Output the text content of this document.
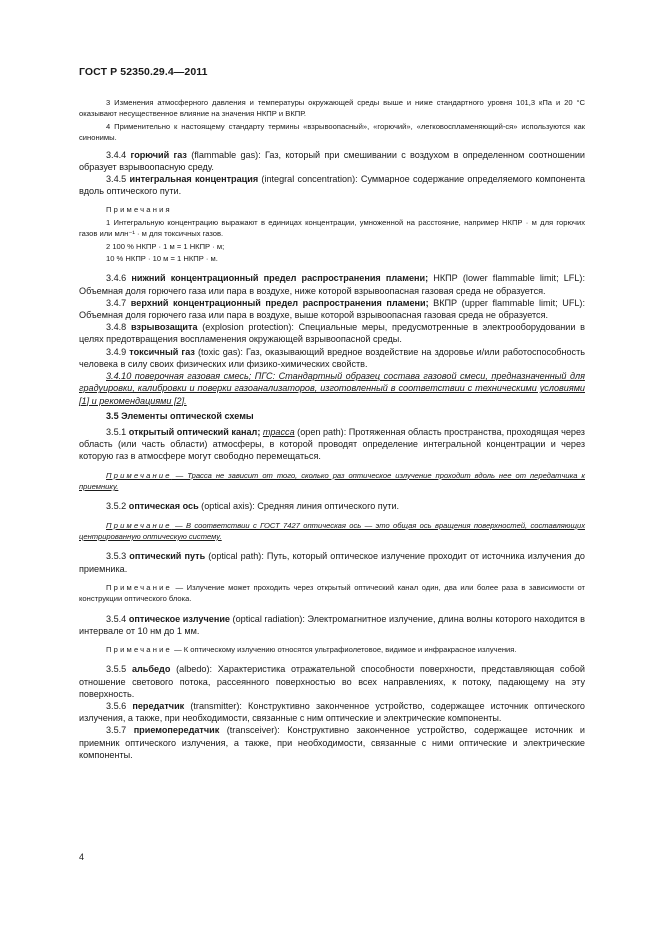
ГОСТ Р 52350.29.4—2011

3 Изменения атмосферного давления и температуры окружающей среды выше и ниже стандартного уровня 101,3 кПа и 20 °С оказывают несущественное влияние на значения НКПР и ВКПР.

4 Применительно к настоящему стандарту термины «взрывоопасный», «горючий», «легковоспламеняющий-ся» используются как синонимы.

3.4.4 горючий газ (flammable gas): Газ, который при смешивании с воздухом в определенном соотношении образует взрывоопасную среду.

3.4.5 интегральная концентрация (integral concentration): Суммарное содержание определяемого компонента вдоль оптического пути.

Примечания

1 Интегральную концентрацию выражают в единицах концентрации, умноженной на расстояние, например НКПР · м для горючих газов или млн⁻¹ · м для токсичных газов.

2 100 % НКПР · 1 м = 1 НКПР · м;

10 % НКПР · 10 м = 1 НКПР · м.

3.4.6 нижний концентрационный предел распространения пламени; НКПР (lower flammable limit; LFL): Объемная доля горючего газа или пара в воздухе, ниже которой взрывоопасная газовая среда не образуется.

3.4.7 верхний концентрационный предел распространения пламени; ВКПР (upper flammable limit; UFL): Объемная доля горючего газа или пара в воздухе, выше которой взрывоопасная газовая среда не образуется.

3.4.8 взрывозащита (explosion protection): Специальные меры, предусмотренные в электрооборудовании в целях предотвращения воспламенения окружающей взрывоопасной среды.

3.4.9 токсичный газ (toxic gas): Газ, оказывающий вредное воздействие на здоровье и/или работоспособность человека в силу своих физических или физико-химических свойств.

3.4.10 поверочная газовая смесь; ПГС: Стандартный образец состава газовой смеси, предназначенный для градуировки, калибровки и поверки газоанализаторов, изготовленный в соответствии с техническими условиями [1] и рекомендациями [2].

3.5 Элементы оптической схемы

3.5.1 открытый оптический канал; трасса (open path): Протяженная область пространства, проходящая через область (или часть области) атмосферы, в которой проводят определение интегральной концентрации и через которую газ в атмосфере могут свободно перемещаться.

Примечание — Трасса не зависит от того, сколько раз оптическое излучение проходит вдоль нее от передатчика к приемнику.

3.5.2 оптическая ось (optical axis): Средняя линия оптического пути.

Примечание — В соответствии с ГОСТ 7427 оптическая ось — это общая ось вращения поверхностей, составляющих центрированную оптическую систему.

3.5.3 оптический путь (optical path): Путь, который оптическое излучение проходит от источника излучения до приемника.

Примечание — Излучение может проходить через открытый оптический канал один, два или более раза в зависимости от конструкции оптического блока.

3.5.4 оптическое излучение (optical radiation): Электромагнитное излучение, длина волны которого находится в интервале от 10 нм до 1 мм.

Примечание — К оптическому излучению относятся ультрафиолетовое, видимое и инфракрасное излучения.

3.5.5 альбедо (albedo): Характеристика отражательной способности поверхности, представляющая собой отношение светового потока, рассеянного поверхностью во всех направлениях, к потоку, падающему на эту поверхность.

3.5.6 передатчик (transmitter): Конструктивно законченное устройство, содержащее источник оптического излучения, а также, при необходимости, связанные с ним оптические и электрические компоненты.

3.5.7 приемопередатчик (transceiver): Конструктивно законченное устройство, содержащее источник и приемник оптического излучения, а также, при необходимости, связанные с ними оптические и электрические компоненты.

4
